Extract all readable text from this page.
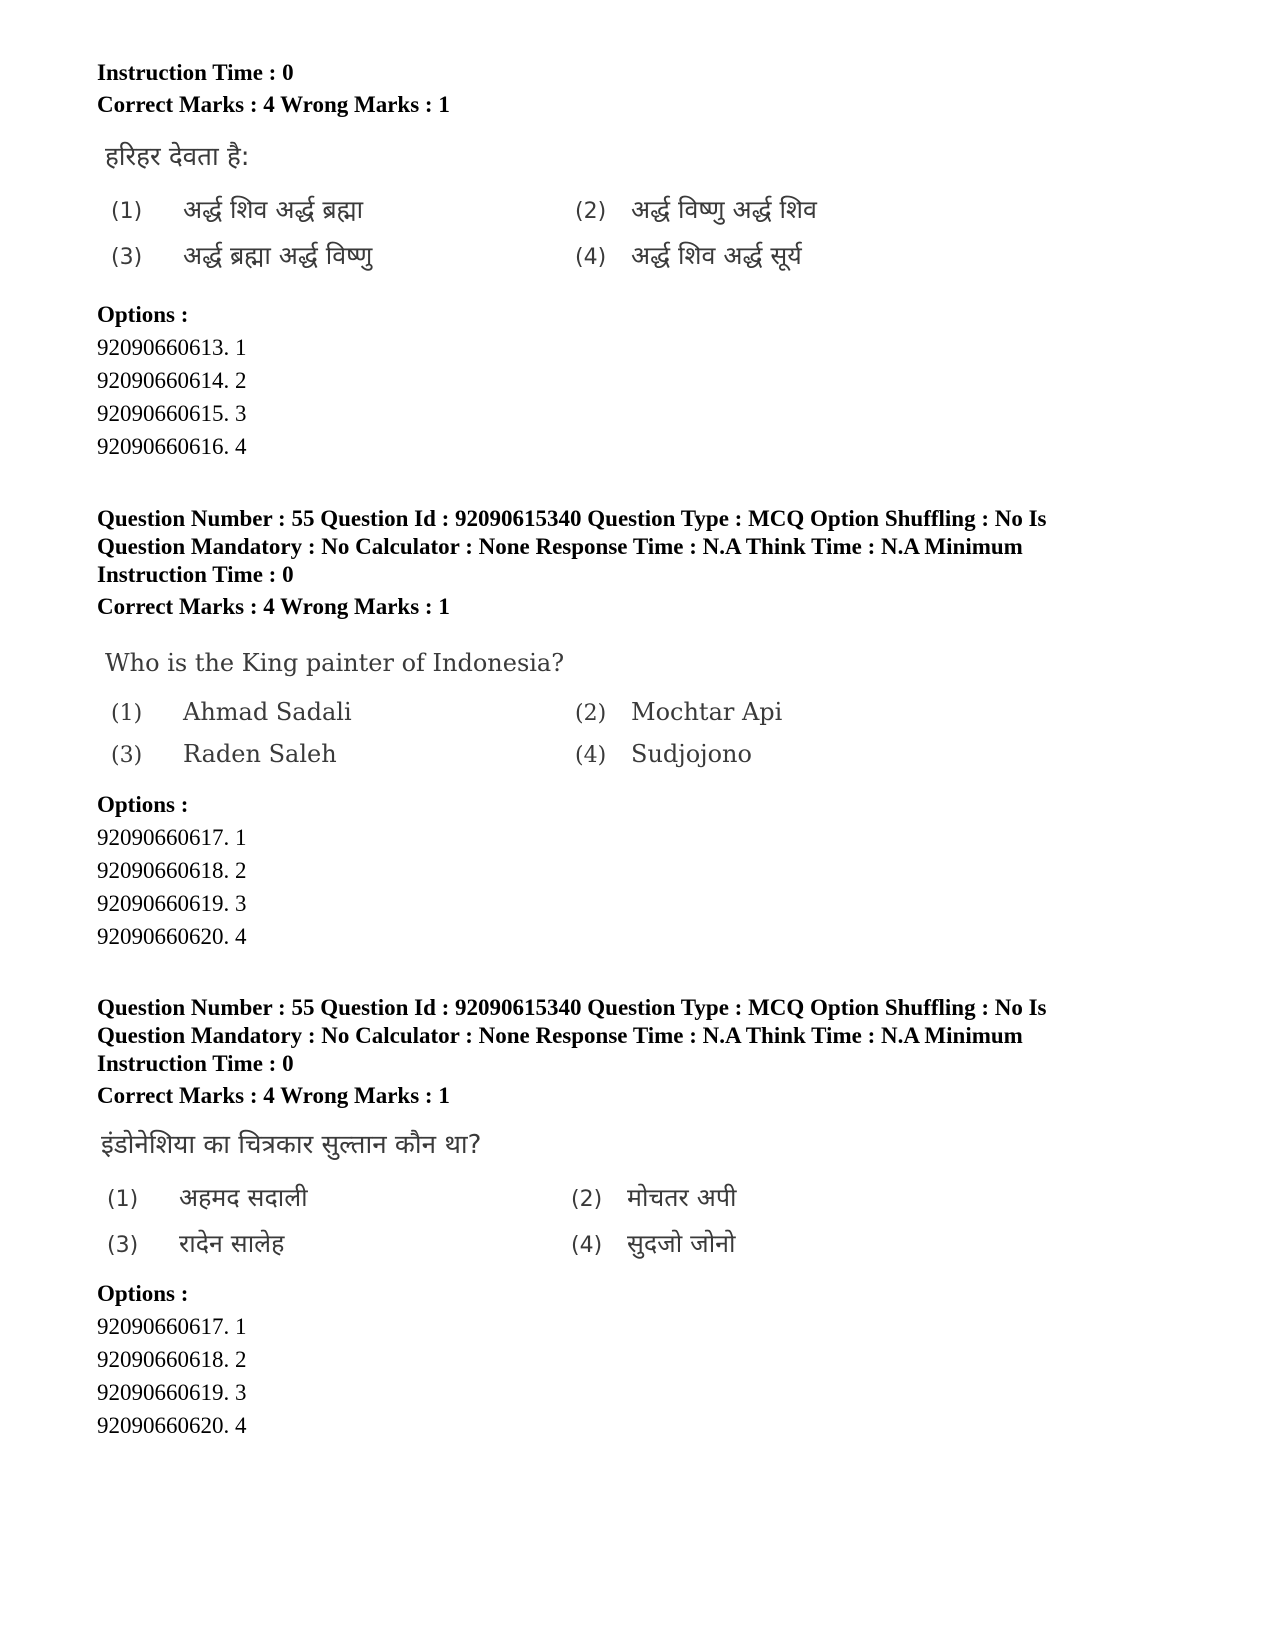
Instruction Time : 0
Correct Marks : 4 Wrong Marks : 1
हरिहर देवता है:
(1) अर्द्ध शिव अर्द्ध ब्रह्मा	(2) अर्द्ध विष्णु अर्द्ध शिव
(3) अर्द्ध ब्रह्मा अर्द्ध विष्णु	(4) अर्द्ध शिव अर्द्ध सूर्य
Options :
92090660613. 1
92090660614. 2
92090660615. 3
92090660616. 4
Question Number : 55 Question Id : 92090615340 Question Type : MCQ Option Shuffling : No Is
Question Mandatory : No Calculator : None Response Time : N.A Think Time : N.A Minimum
Instruction Time : 0
Correct Marks : 4 Wrong Marks : 1
Who is the King painter of Indonesia?
(1) Ahmad Sadali	(2) Mochtar Api
(3) Raden Saleh	(4) Sudjojono
Options :
92090660617. 1
92090660618. 2
92090660619. 3
92090660620. 4
Question Number : 55 Question Id : 92090615340 Question Type : MCQ Option Shuffling : No Is
Question Mandatory : No Calculator : None Response Time : N.A Think Time : N.A Minimum
Instruction Time : 0
Correct Marks : 4 Wrong Marks : 1
इंडोनेशिया का चित्रकार सुल्तान कौन था?
(1) अहमद सदाली	(2) मोचतर अपी
(3) रादेन सालेह	(4) सुदजो जोनो
Options :
92090660617. 1
92090660618. 2
92090660619. 3
92090660620. 4
